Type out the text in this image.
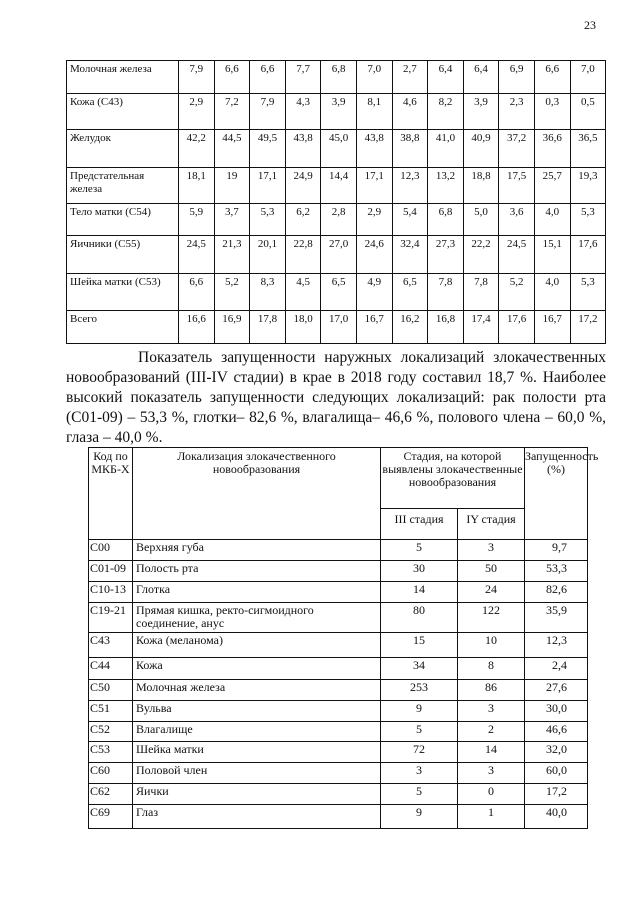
23
Молочная железа	7,9	6,6	6,6	7,7	6,8	7,0	2,7	6,4	6,4	6,9	6,6	7,0
Кожа (С43)	2,9	7,2	7,9	4,3	3,9	8,1	4,6	8,2	3,9	2,3	0,3	0,5
Желудок	42,2	44,5	49,5	43,8	45,0	43,8	38,8	41,0	40,9	37,2	36,6	36,5
Предстательная железа	18,1	19	17,1	24,9	14,4	17,1	12,3	13,2	18,8	17,5	25,7	19,3
Тело матки (С54)	5,9	3,7	5,3	6,2	2,8	2,9	5,4	6,8	5,0	3,6	4,0	5,3
Яичники (С55)	24,5	21,3	20,1	22,8	27,0	24,6	32,4	27,3	22,2	24,5	15,1	17,6
Шейка матки (С53)	6,6	5,2	8,3	4,5	6,5	4,9	6,5	7,8	7,8	5,2	4,0	5,3
Всего	16,6	16,9	17,8	18,0	17,0	16,7	16,2	16,8	17,4	17,6	16,7	17,2

Показатель запущенности наружных локализаций злокачественных новообразований (III-IV стадии) в крае в 2018 году составил 18,7 %. Наиболее высокий показатель запущенности следующих локализаций: рак полости рта (С01-09) – 53,3 %, глотки– 82,6 %, влагалища– 46,6 %, полового члена – 60,0 %, глаза – 40,0 %.

Код по МКБ-Х	Локализация злокачественного новообразования	Стадия, на которой выявлены злокачественные новообразования		Запущенность (%)
		III стадия	IY стадия	
С00	Верхняя губа	5	3	9,7
С01-09	Полость рта	30	50	53,3
С10-13	Глотка	14	24	82,6
С19-21	Прямая кишка, ректо-сигмоидного соединение, анус	80	122	35,9
С43	Кожа (меланома)	15	10	12,3
С44	Кожа	34	8	2,4
С50	Молочная железа	253	86	27,6
С51	Вульва	9	3	30,0
С52	Влагалище	5	2	46,6
С53	Шейка матки	72	14	32,0
С60	Половой член	3	3	60,0
С62	Яички	5	0	17,2
С69	Глаз	9	1	40,0
